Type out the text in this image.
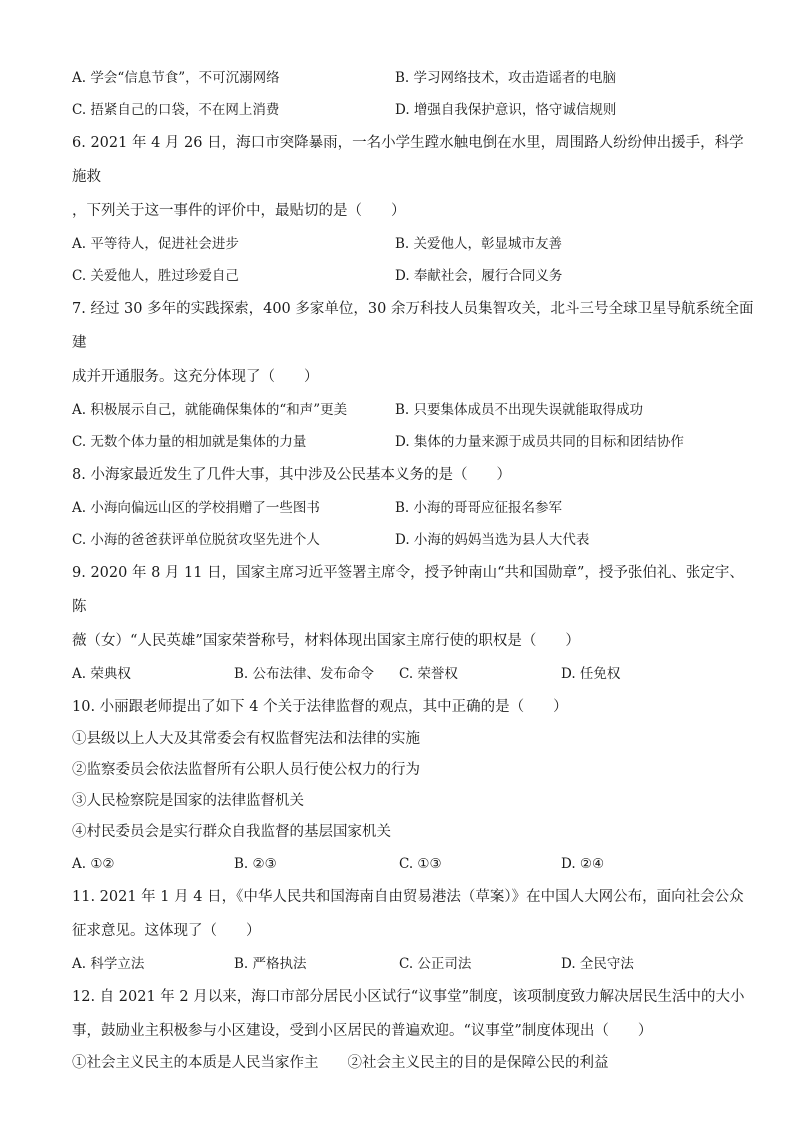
A. 学会“信息节食”，不可沉溺网络	B. 学习网络技术，攻击造谣者的电脑
C. 捂紧自己的口袋，不在网上消费	D. 增强自我保护意识，恪守诚信规则

6. 2021 年 4 月 26 日，海口市突降暴雨，一名小学生蹚水触电倒在水里，周围路人纷纷伸出援手，科学施救

，下列关于这一事件的评价中，最贴切的是（　　）

A. 平等待人，促进社会进步	B. 关爱他人，彰显城市友善
C. 关爱他人，胜过珍爱自己	D. 奉献社会，履行合同义务

7. 经过 30 多年的实践探索，400 多家单位，30 余万科技人员集智攻关，北斗三号全球卫星导航系统全面建

成并开通服务。这充分体现了（　　）

A. 积极展示自己，就能确保集体的“和声”更美	B. 只要集体成员不出现失误就能取得成功
C. 无数个体力量的相加就是集体的力量	D. 集体的力量来源于成员共同的目标和团结协作

8. 小海家最近发生了几件大事，其中涉及公民基本义务的是（　　）

A. 小海向偏远山区的学校捐赠了一些图书	B. 小海的哥哥应征报名参军
C. 小海的爸爸获评单位脱贫攻坚先进个人	D. 小海的妈妈当选为县人大代表

9. 2020 年 8 月 11 日，国家主席习近平签署主席令，授予钟南山“共和国勋章”，授予张伯礼、张定宇、陈

薇（女）“人民英雄”国家荣誉称号，材料体现出国家主席行使的职权是（　　）

A. 荣典权	B. 公布法律、发布命令	C. 荣誉权	D. 任免权

10. 小丽跟老师提出了如下 4 个关于法律监督的观点，其中正确的是（　　）

①县级以上人大及其常委会有权监督宪法和法律的实施

②监察委员会依法监督所有公职人员行使公权力的行为

③人民检察院是国家的法律监督机关

④村民委员会是实行群众自我监督的基层国家机关

A. ①②	B. ②③	C. ①③	D. ②④

11. 2021 年 1 月 4 日，《中华人民共和国海南自由贸易港法（草案）》在中国人大网公布，面向社会公众

征求意见。这体现了（　　）

A. 科学立法	B. 严格执法	C. 公正司法	D. 全民守法

12. 自 2021 年 2 月以来，海口市部分居民小区试行“议事堂”制度，该项制度致力解决居民生活中的大小

事，鼓励业主积极参与小区建设，受到小区居民的普遍欢迎。“议事堂”制度体现出（　　）

①社会主义民主的本质是人民当家作主　　②社会主义民主的目的是保障公民的利益
